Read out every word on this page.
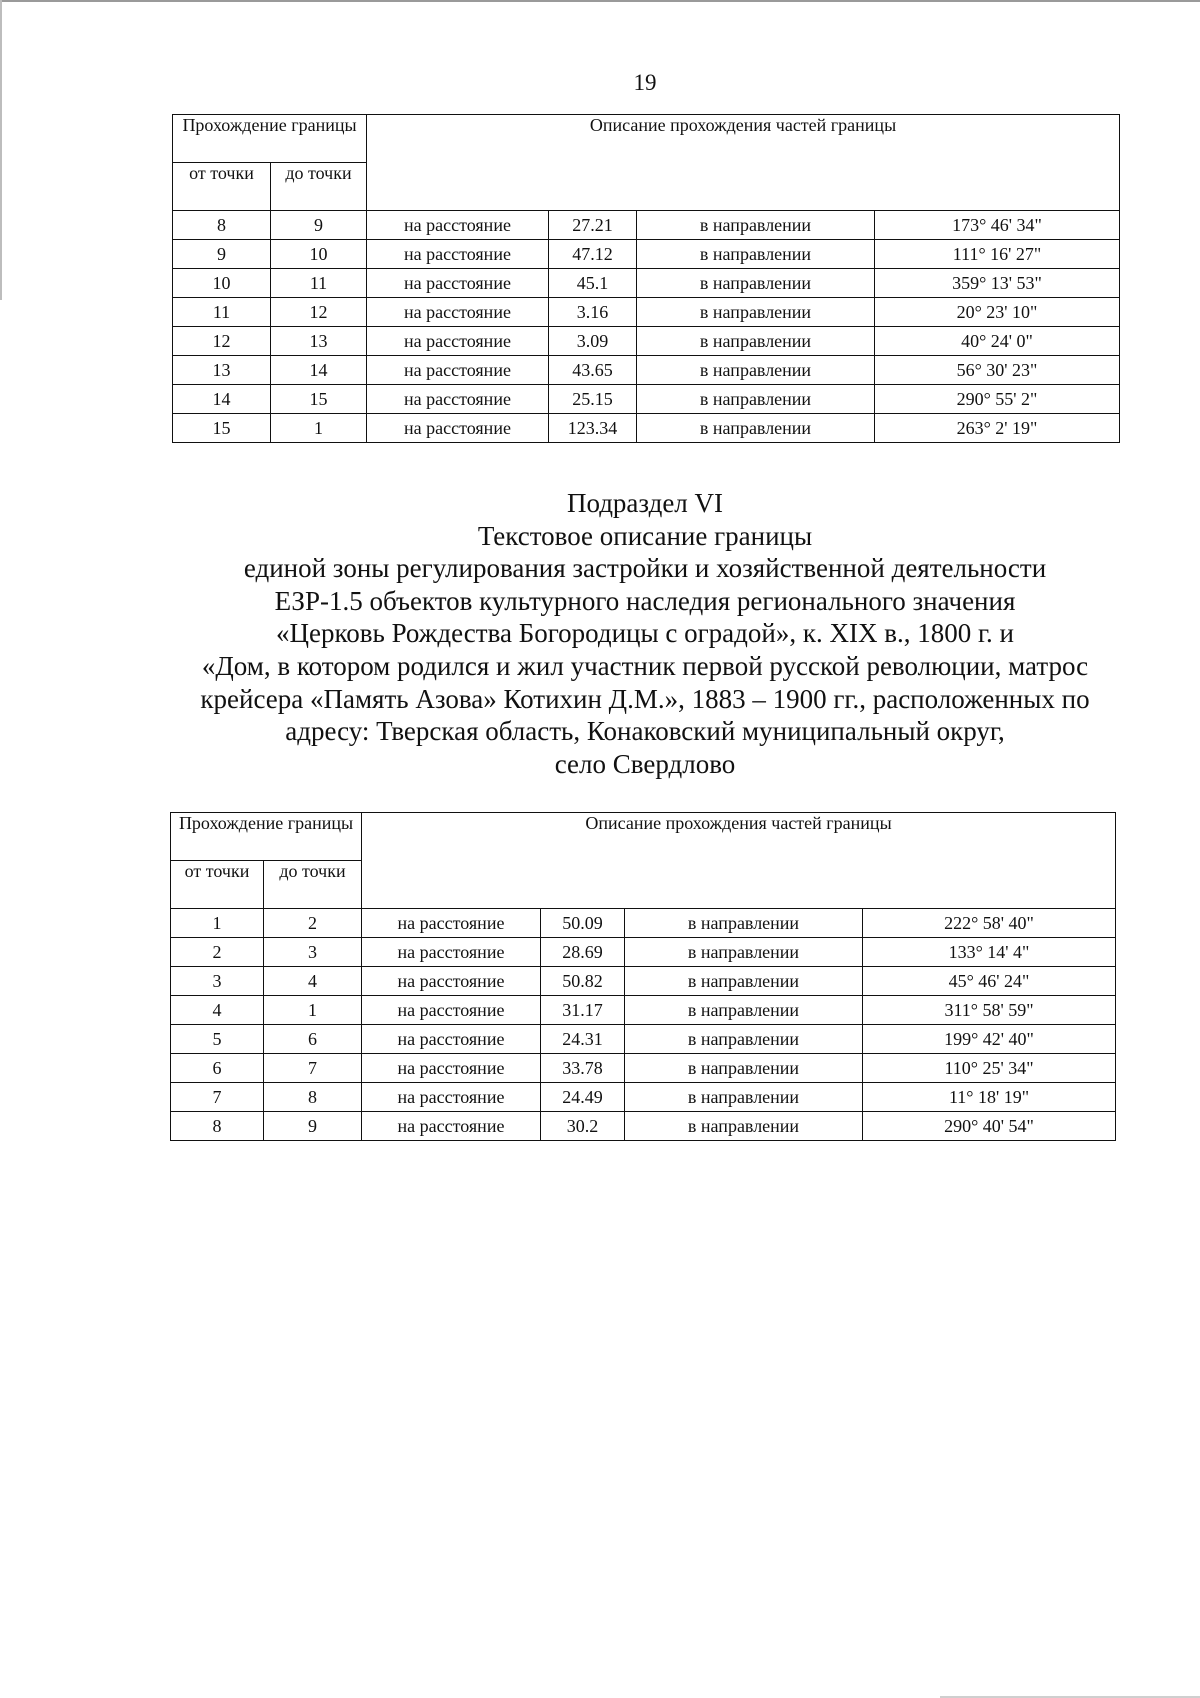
19
Прохождение границы		Описание прохождения частей границы			
от точки	до точки				
8	9	на расстояние	27.21	в направлении	173° 46' 34"
9	10	на расстояние	47.12	в направлении	111° 16' 27"
10	11	на расстояние	45.1	в направлении	359° 13' 53"
11	12	на расстояние	3.16	в направлении	20° 23' 10"
12	13	на расстояние	3.09	в направлении	40° 24' 0"
13	14	на расстояние	43.65	в направлении	56° 30' 23"
14	15	на расстояние	25.15	в направлении	290° 55' 2"
15	1	на расстояние	123.34	в направлении	263° 2' 19"
Подраздел VI
Текстовое описание границы
единой зоны регулирования застройки и хозяйственной деятельности
ЕЗР-1.5 объектов культурного наследия регионального значения
«Церковь Рождества Богородицы с оградой», к. XIX в., 1800 г. и
«Дом, в котором родился и жил участник первой русской революции, матрос
крейсера «Память Азова» Котихин Д.М.», 1883 – 1900 гг., расположенных по
адресу: Тверская область, Конаковский муниципальный округ,
село Свердлово
Прохождение границы		Описание прохождения частей границы			
от точки	до точки				
1	2	на расстояние	50.09	в направлении	222° 58' 40"
2	3	на расстояние	28.69	в направлении	133° 14' 4"
3	4	на расстояние	50.82	в направлении	45° 46' 24"
4	1	на расстояние	31.17	в направлении	311° 58' 59"
5	6	на расстояние	24.31	в направлении	199° 42' 40"
6	7	на расстояние	33.78	в направлении	110° 25' 34"
7	8	на расстояние	24.49	в направлении	11° 18' 19"
8	9	на расстояние	30.2	в направлении	290° 40' 54"
